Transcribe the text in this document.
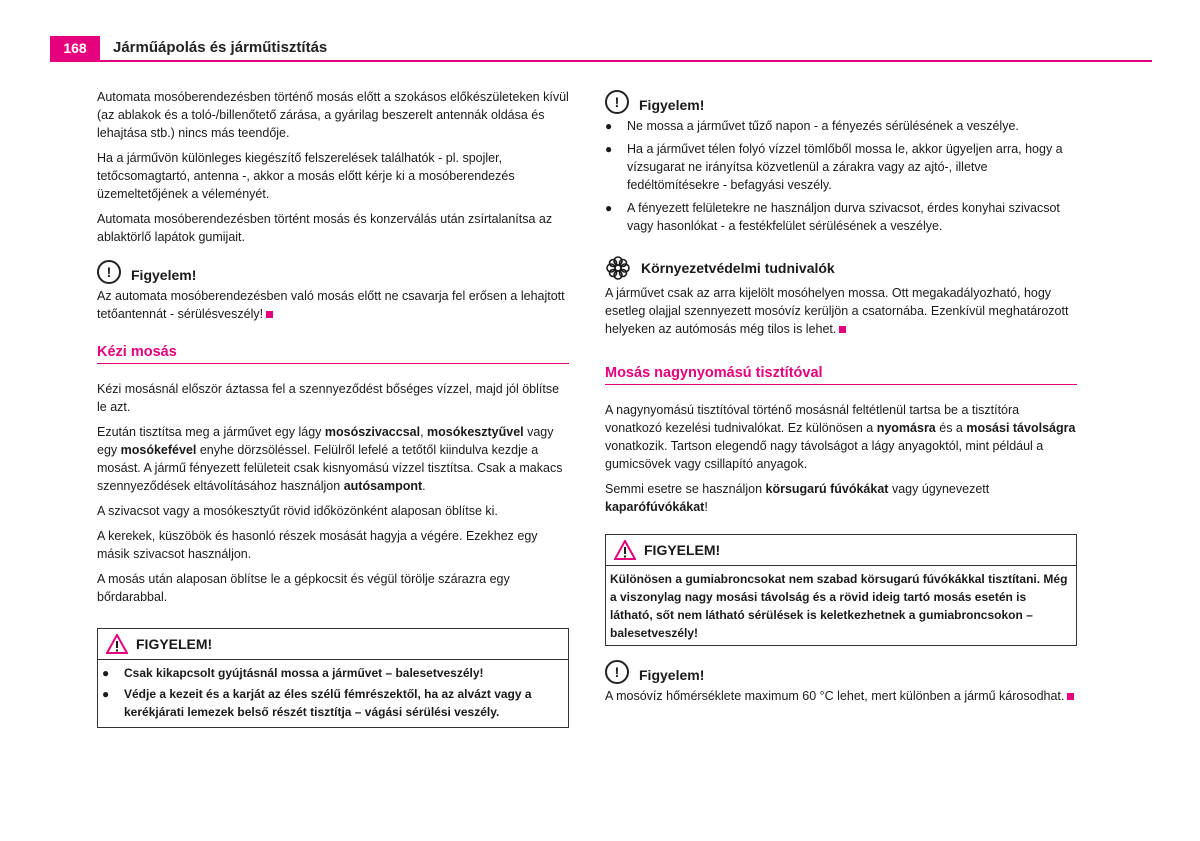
168	Járműápolás és járműtisztítás

Automata mosóberendezésben történő mosás előtt a szokásos előkészületeken kívül (az ablakok és a toló-/billenőtető zárása, a gyárilag beszerelt antennák oldása és lehajtása stb.) nincs más teendője.

Ha a járművön különleges kiegészítő felszerelések találhatók - pl. spojler, tetőcsomagtartó, antenna -, akkor a mosás előtt kérje ki a mosóberendezés üzemeltetőjének a véleményét.

Automata mosóberendezésben történt mosás és konzerválás után zsírtalanítsa az ablaktörlő lapátok gumijait.

!	Figyelem!

Az automata mosóberendezésben való mosás előtt ne csavarja fel erősen a lehajtott tetőantennát - sérülésveszély!

Kézi mosás

Kézi mosásnál először áztassa fel a szennyeződést bőséges vízzel, majd jól öblítse le azt.

Ezután tisztítsa meg a járművet egy lágy mosószivaccsal, mosókesztyűvel vagy egy mosókefével enyhe dörzsöléssel. Felülről lefelé a tetőtől kiindulva kezdje a mosást. A jármű fényezett felületeit csak kisnyomású vízzel tisztítsa. Csak a makacs szennyeződések eltávolításához használjon autósampont.

A szivacsot vagy a mosókesztyűt rövid időközönként alaposan öblítse ki.

A kerekek, küszöbök és hasonló részek mosását hagyja a végére. Ezekhez egy másik szivacsot használjon.

A mosás után alaposan öblítse le a gépkocsit és végül törölje szárazra egy bőrdarabbal.

FIGYELEM!
●	Csak kikapcsolt gyújtásnál mossa a járművet – balesetveszély!
●	Védje a kezeit és a karját az éles szélű fémrészektől, ha az alvázt vagy a kerékjárati lemezek belső részét tisztítja – vágási sérülési veszély.
!	Figyelem!
●	Ne mossa a járművet tűző napon - a fényezés sérülésének a veszélye.
●	Ha a járművet télen folyó vízzel tömlőből mossa le, akkor ügyeljen arra, hogy a vízsugarat ne irányítsa közvetlenül a zárakra vagy az ajtó-, illetve fedéltömítésekre - befagyási veszély.
●	A fényezett felületekre ne használjon durva szivacsot, érdes konyhai szivacsot vagy hasonlókat - a festékfelület sérülésének a veszélye.
Környezetvédelmi tudnivalók

A járművet csak az arra kijelölt mosóhelyen mossa. Ott megakadályozható, hogy esetleg olajjal szennyezett mosóvíz kerüljön a csatornába. Ezenkívül meghatározott helyeken az autómosás még tilos is lehet.

Mosás nagynyomású tisztítóval

A nagynyomású tisztítóval történő mosásnál feltétlenül tartsa be a tisztítóra vonatkozó kezelési tudnivalókat. Ez különösen a nyomásra és a mosási távolságra vonatkozik. Tartson elegendő nagy távolságot a lágy anyagoktól, mint például a gumicsövek vagy csillapító anyagok.

Semmi esetre se használjon körsugarú fúvókákat vagy úgynevezett kaparófúvókákat!

FIGYELEM!
Különösen a gumiabroncsokat nem szabad körsugarú fúvókákkal tisztítani. Még a viszonylag nagy mosási távolság és a rövid ideig tartó mosás esetén is látható, sőt nem látható sérülések is keletkezhetnek a gumiabroncsokon – balesetveszély!
!	Figyelem!

A mosóvíz hőmérséklete maximum 60 °C lehet, mert különben a jármű károsodhat.
